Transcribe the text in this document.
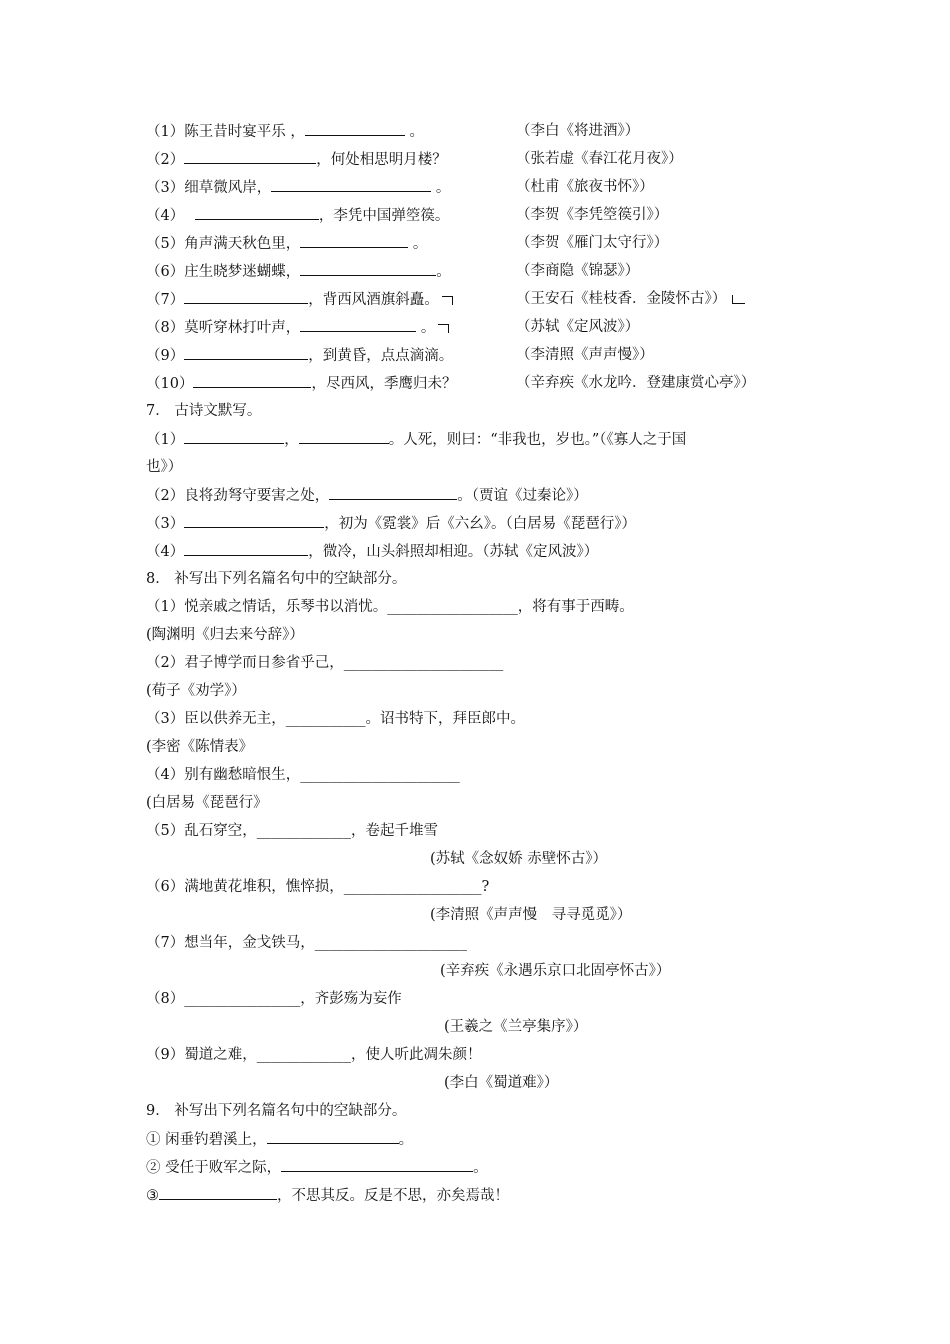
（1）陈王昔时宴平乐 ，	。	（李白《将进酒》）
（2）	，何处相思明月楼？	（张若虚《春江花月夜》）
（3）细草微风岸，	。	（杜甫《旅夜书怀》）
（4）	，李凭中国弹箜篌。	（李贺《李凭箜篌引》）
（5）角声满天秋色里，	。	（李贺《雁门太守行》）
（6）庄生晓梦迷蝴蝶，	。	（李商隐《锦瑟》）
（7）	，背西风酒旗斜矗。	（王安石《桂枝香．金陵怀古》）
（8）莫听穿林打叶声，	。	（苏轼《定风波》）
（9）	，到黄昏，点点滴滴。	（李清照《声声慢》）
（10）	，尽西风，季鹰归未？	（辛弃疾《水龙吟．登建康赏心亭》）
7． 古诗文默写。
（1）	，	。人死，则曰：“非我也，岁也。”（《寡人之于国
也》）
（2）良将劲弩守要害之处，	。（贾谊《过秦论》）
（3）	，初为《霓裳》后《六幺》。（白居易《琵琶行》）
（4）	，微冷，山头斜照却相迎。（苏轼《定风波》）
8． 补写出下列名篇名句中的空缺部分。
（1）悦亲戚之情话，乐琴书以消忧。__________________，将有事于西畴。
(陶渊明《归去来兮辞》）
（2）君子博学而日参省乎己，______________________
(荀子《劝学》）
（3）臣以供养无主，___________。诏书特下，拜臣郎中。
(李密《陈情表》
（4）别有幽愁暗恨生，______________________
(白居易《琵琶行》
（5）乱石穿空，_____________，卷起千堆雪
(苏轼《念奴娇 赤壁怀古》）
（6）满地黄花堆积，憔悴损，___________________?
(李清照《声声慢　寻寻觅觅》）
（7）想当年，金戈铁马，_____________________
(辛弃疾《永遇乐京口北固亭怀古》）
（8）________________，齐彭殇为妄作
(王羲之《兰亭集序》）
（9）蜀道之难，_____________，使人听此凋朱颜！
(李白《蜀道难》）
9． 补写出下列名篇名句中的空缺部分。
① 闲垂钓碧溪上，	。
② 受任于败军之际，	。
③	，不思其反。反是不思，亦矣焉哉！
